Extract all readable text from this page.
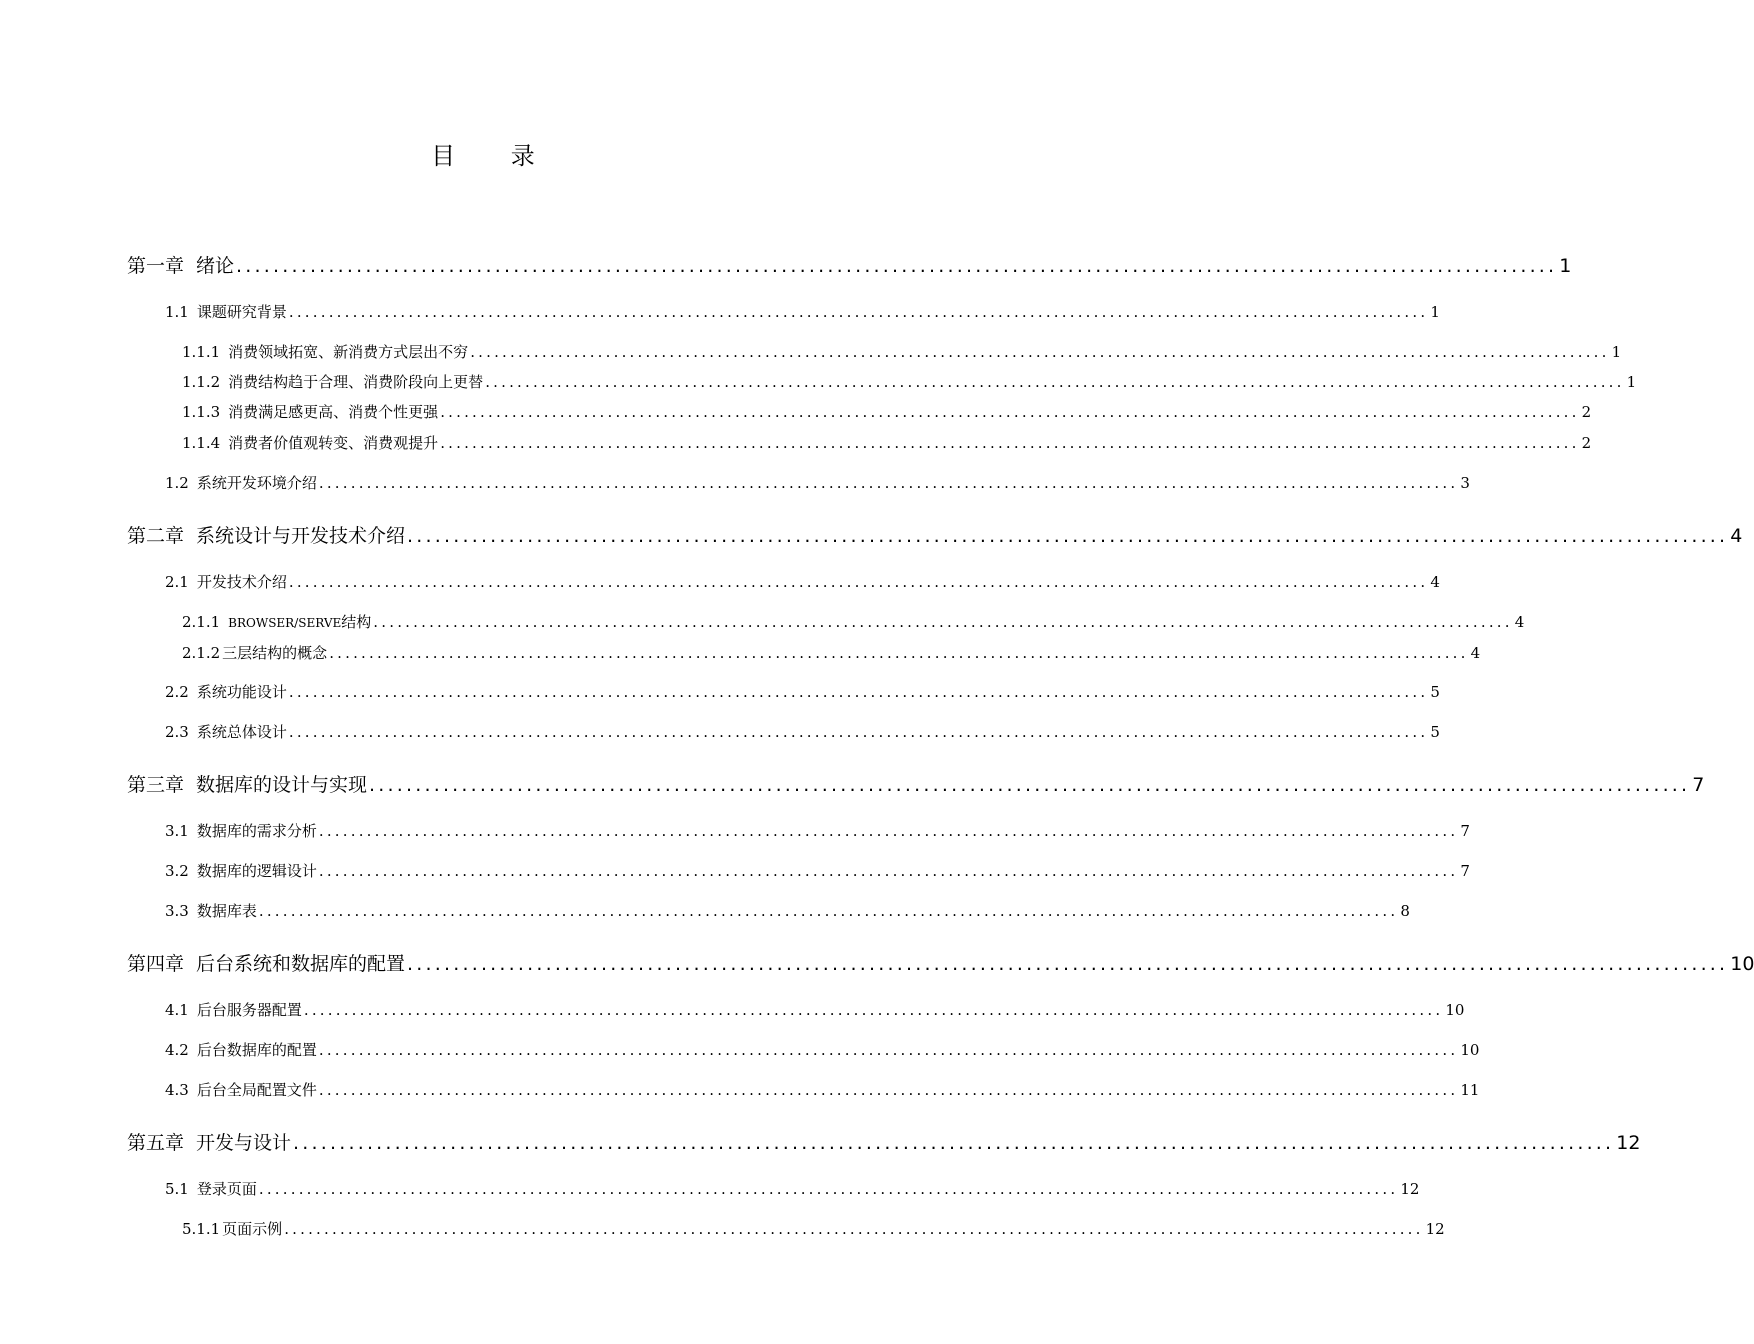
目 录
第一章 绪论 ............................................................................................................................................... 1
1.1 课题研究背景 ............................................................................................................................................... 1
1.1.1 消费领域拓宽、新消费方式层出不穷 ............................................................................................................................................... 1
1.1.2 消费结构趋于合理、消费阶段向上更替 ............................................................................................................................................... 1
1.1.3 消费满足感更高、消费个性更强 ............................................................................................................................................... 2
1.1.4 消费者价值观转变、消费观提升 ............................................................................................................................................... 2
1.2 系统开发环境介绍 ............................................................................................................................................... 3
第二章 系统设计与开发技术介绍 ............................................................................................................................................... 4
2.1 开发技术介绍 ............................................................................................................................................... 4
2.1.1 BROWSER/SERVE结构 ............................................................................................................................................... 4
2.1.2 三层结构的概念 ............................................................................................................................................... 4
2.2 系统功能设计 ............................................................................................................................................... 5
2.3 系统总体设计 ............................................................................................................................................... 5
第三章 数据库的设计与实现 ............................................................................................................................................... 7
3.1 数据库的需求分析 ............................................................................................................................................... 7
3.2 数据库的逻辑设计 ............................................................................................................................................... 7
3.3 数据库表 ............................................................................................................................................... 8
第四章 后台系统和数据库的配置 ............................................................................................................................................... 10
4.1 后台服务器配置 ............................................................................................................................................... 10
4.2 后台数据库的配置 ............................................................................................................................................... 10
4.3 后台全局配置文件 ............................................................................................................................................... 11
第五章 开发与设计 ............................................................................................................................................... 12
5.1 登录页面 ............................................................................................................................................... 12
5.1.1 页面示例 ............................................................................................................................................... 12
